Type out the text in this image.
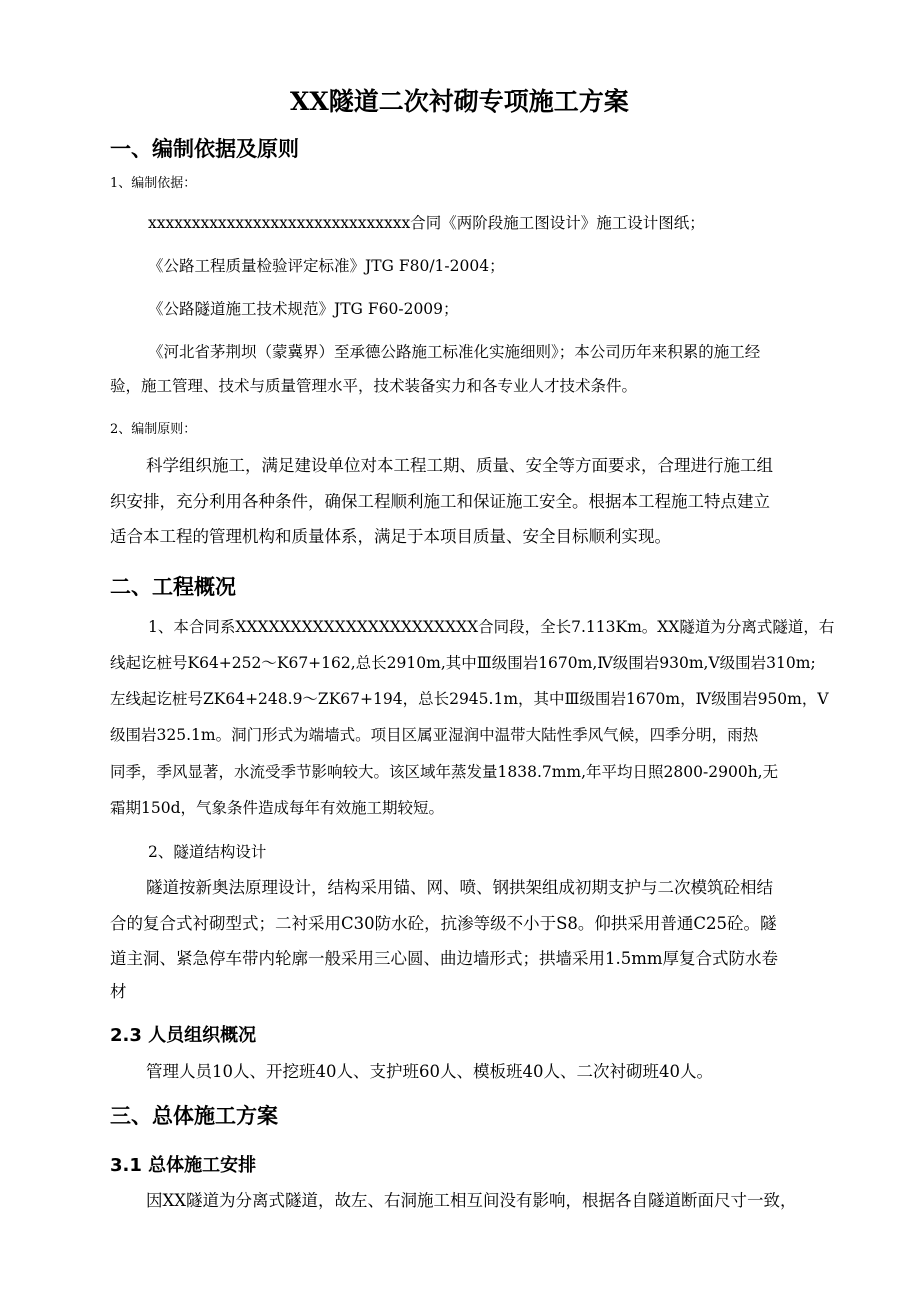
XX隧道二次衬砌专项施工方案
一、编制依据及原则
1、编制依据：
xxxxxxxxxxxxxxxxxxxxxxxxxxxxxx合同《两阶段施工图设计》施工设计图纸；
《公路工程质量检验评定标准》JTG F80/1-2004；
《公路隧道施工技术规范》JTG F60-2009；
《河北省茅荆坝（蒙冀界）至承德公路施工标准化实施细则》；本公司历年来积累的施工经
验，施工管理、技术与质量管理水平，技术装备实力和各专业人才技术条件。
2、编制原则：
科学组织施工，满足建设单位对本工程工期、质量、安全等方面要求，合理进行施工组
织安排，充分利用各种条件，确保工程顺利施工和保证施工安全。根据本工程施工特点建立
适合本工程的管理机构和质量体系，满足于本项目质量、安全目标顺利实现。
二、工程概况
1、本合同系XXXXXXXXXXXXXXXXXXXXXX合同段，全长7.113Km。XX隧道为分离式隧道，右
线起讫桩号K64+252～K67+162,总长2910m,其中Ⅲ级围岩1670m,Ⅳ级围岩930m,Ⅴ级围岩310m;
左线起讫桩号ZK64+248.9～ZK67+194，总长2945.1m，其中Ⅲ级围岩1670m，Ⅳ级围岩950m，Ⅴ
级围岩325.1m。洞门形式为端墙式。项目区属亚湿润中温带大陆性季风气候，四季分明，雨热
同季，季风显著，水流受季节影响较大。该区域年蒸发量1838.7mm,年平均日照2800-2900h,无
霜期150d，气象条件造成每年有效施工期较短。
2、隧道结构设计
隧道按新奥法原理设计，结构采用锚、网、喷、钢拱架组成初期支护与二次模筑砼相结
合的复合式衬砌型式；二衬采用C30防水砼，抗渗等级不小于S8。仰拱采用普通C25砼。隧
道主洞、紧急停车带内轮廓一般采用三心圆、曲边墙形式；拱墙采用1.5mm厚复合式防水卷
材
2.3 人员组织概况
管理人员10人、开挖班40人、支护班60人、模板班40人、二次衬砌班40人。
三、总体施工方案
3.1 总体施工安排
因XX隧道为分离式隧道，故左、右洞施工相互间没有影响，根据各自隧道断面尺寸一致，
